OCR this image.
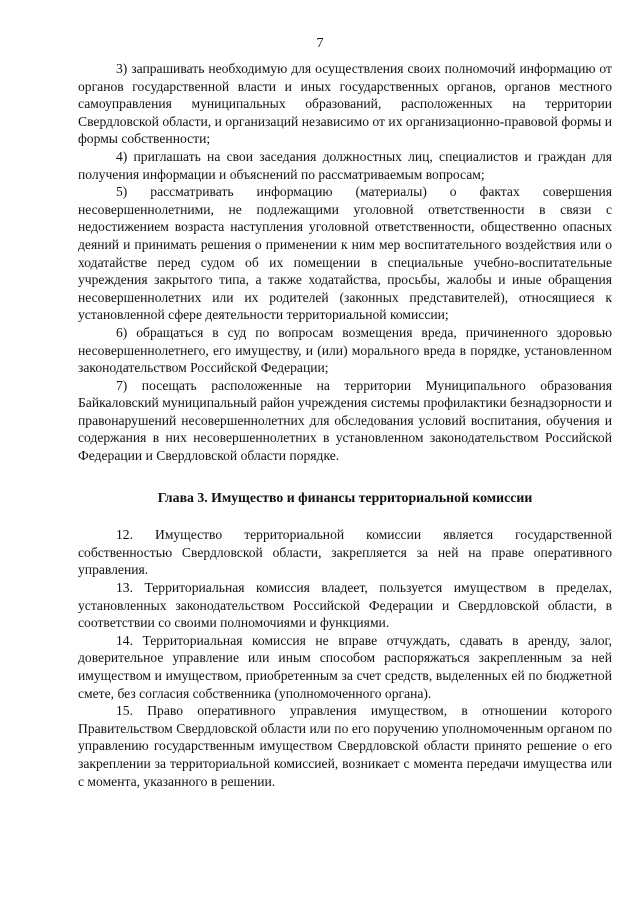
7

3) запрашивать необходимую для осуществления своих полномочий информацию от органов государственной власти и иных государственных органов, органов местного самоуправления муниципальных образований, расположенных на территории Свердловской области, и организаций независимо от их организационно-правовой формы и формы собственности;

4) приглашать на свои заседания должностных лиц, специалистов и граждан для получения информации и объяснений по рассматриваемым вопросам;

5) рассматривать информацию (материалы) о фактах совершения несовершеннолетними, не подлежащими уголовной ответственности в связи с недостижением возраста наступления уголовной ответственности, общественно опасных деяний и принимать решения о применении к ним мер воспитательного воздействия или о ходатайстве перед судом об их помещении в специальные учебно-воспитательные учреждения закрытого типа, а также ходатайства, просьбы, жалобы и иные обращения несовершеннолетних или их родителей (законных представителей), относящиеся к установленной сфере деятельности территориальной комиссии;

6) обращаться в суд по вопросам возмещения вреда, причиненного здоровью несовершеннолетнего, его имуществу, и (или) морального вреда в порядке, установленном законодательством Российской Федерации;

7) посещать расположенные на территории Муниципального образования Байкаловский муниципальный район учреждения системы профилактики безнадзорности и правонарушений несовершеннолетних для обследования условий воспитания, обучения и содержания в них несовершеннолетних в установленном законодательством Российской Федерации и Свердловской области порядке.

Глава 3. Имущество и финансы территориальной комиссии

12. Имущество территориальной комиссии является государственной собственностью Свердловской области, закрепляется за ней на праве оперативного управления.

13. Территориальная комиссия владеет, пользуется имуществом в пределах, установленных законодательством Российской Федерации и Свердловской области, в соответствии со своими полномочиями и функциями.

14. Территориальная комиссия не вправе отчуждать, сдавать в аренду, залог, доверительное управление или иным способом распоряжаться закрепленным за ней имуществом и имуществом, приобретенным за счет средств, выделенных ей по бюджетной смете, без согласия собственника (уполномоченного органа).

15. Право оперативного управления имуществом, в отношении которого Правительством Свердловской области или по его поручению уполномоченным органом по управлению государственным имуществом Свердловской области принято решение о его закреплении за территориальной комиссией, возникает с момента передачи имущества или с момента, указанного в решении.
